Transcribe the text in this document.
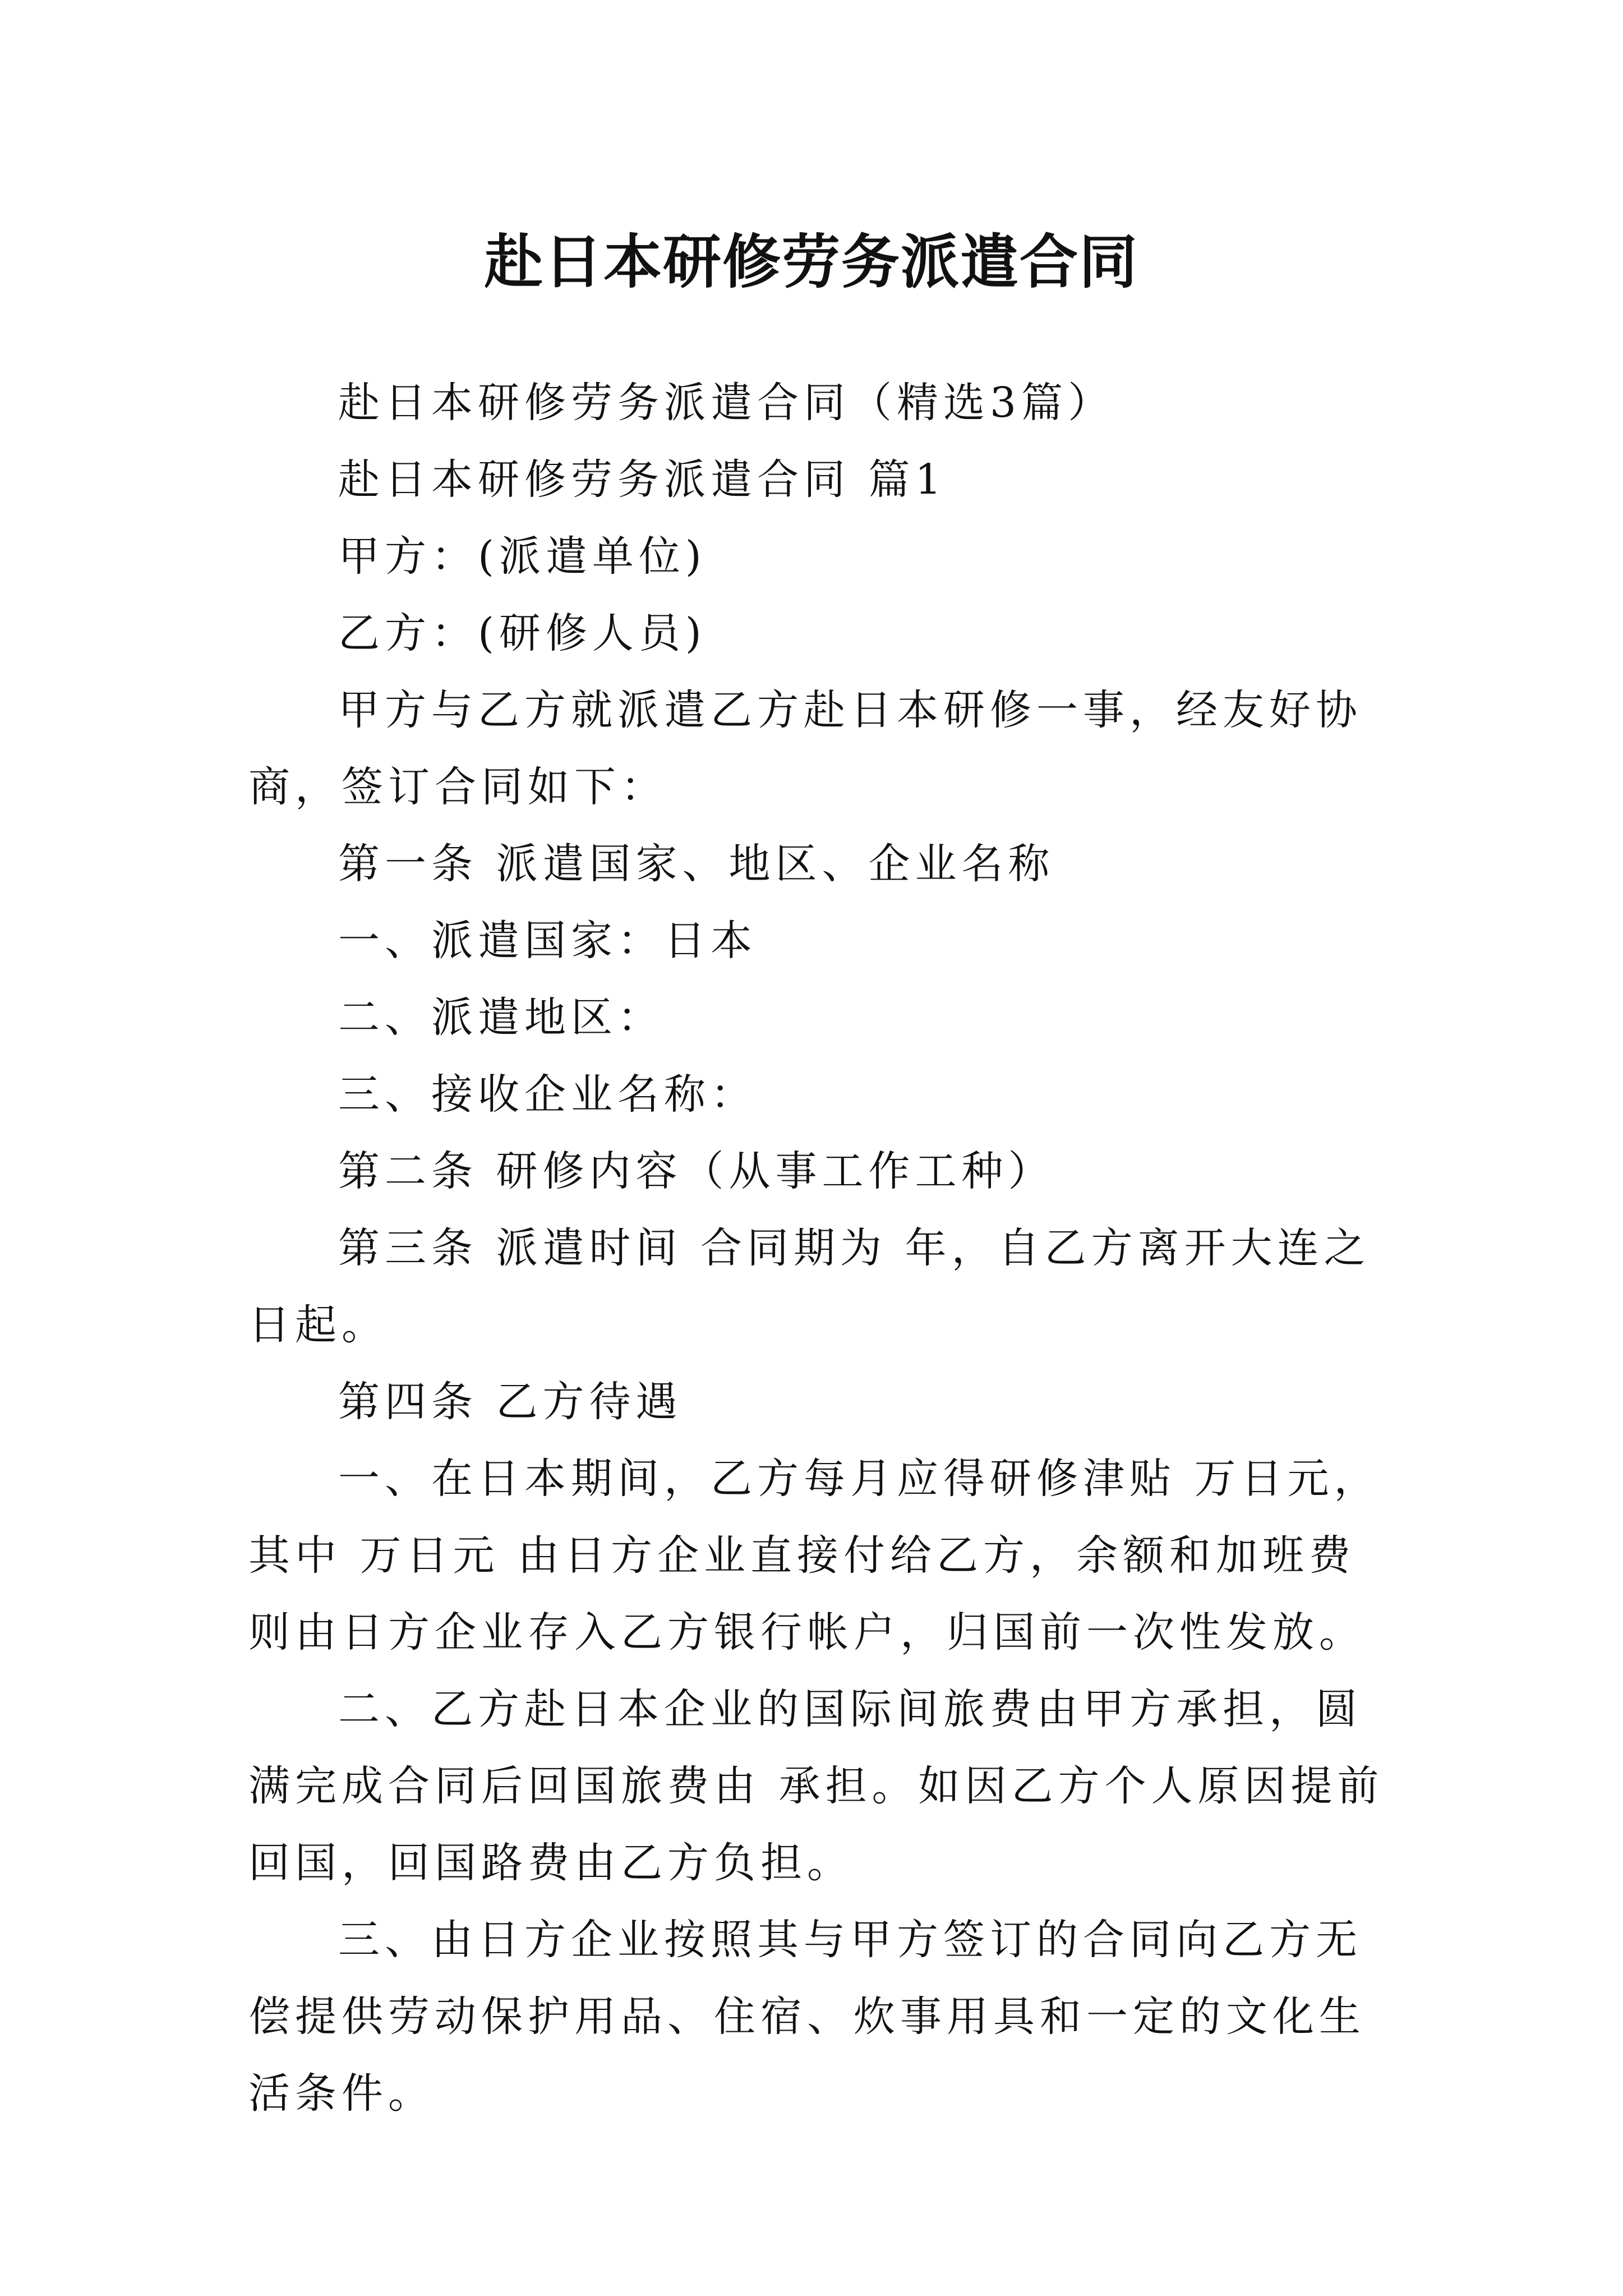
赴日本研修劳务派遣合同

赴日本研修劳务派遣合同（精选3篇）

赴日本研修劳务派遣合同 篇1

甲方：(派遣单位)

乙方：(研修人员)

甲方与乙方就派遣乙方赴日本研修一事，经友好协商，签订合同如下：

第一条 派遣国家、地区、企业名称

一、派遣国家：日本

二、派遣地区：

三、接收企业名称：

第二条 研修内容（从事工作工种）

第三条 派遣时间 合同期为 年，自乙方离开大连之日起。

第四条 乙方待遇

一、在日本期间，乙方每月应得研修津贴 万日元，其中 万日元 由日方企业直接付给乙方，余额和加班费则由日方企业存入乙方银行帐户，归国前一次性发放。

二、乙方赴日本企业的国际间旅费由甲方承担，圆满完成合同后回国旅费由 承担。如因乙方个人原因提前回国，回国路费由乙方负担。

三、由日方企业按照其与甲方签订的合同向乙方无偿提供劳动保护用品、住宿、炊事用具和一定的文化生活条件。
